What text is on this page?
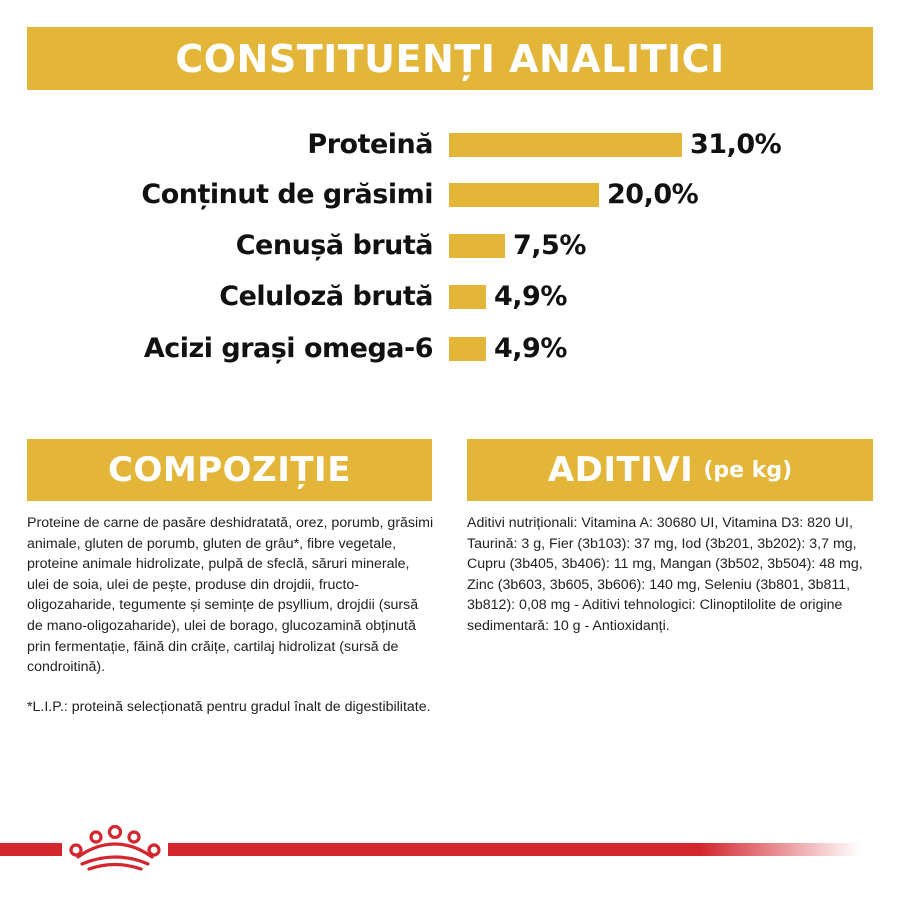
CONSTITUENȚI ANALITICI
Proteină	31,0%
Conținut de grăsimi	20,0%
Cenușă brută	7,5%
Celuloză brută 4,9%
Acizi grași omega-6 4,9%
COMPOZIȚIE	ADITIVI (pe kg)
Proteine de carne de pasăre deshidratată, orez, porumb, grăsimi animale, gluten de porumb, gluten de grâu*, fibre vegetale, proteine animale hidrolizate, pulpă de sfeclă, săruri minerale, ulei de soia, ulei de pește, produse din drojdii, fructo-oligozaharide, tegumente și semințe de psyllium, drojdii (sursă de mano-oligozaharide), ulei de borago, glucozamină obținută prin fermentație, făină din crăițe, cartilaj hidrolizat (sursă de condroitină).
*L.I.P.: proteină selecționată pentru gradul înalt de digestibilitate.
Aditivi nutriționali: Vitamina A: 30680 UI, Vitamina D3: 820 UI, Taurină: 3 g, Fier (3b103): 37 mg, Iod (3b201, 3b202): 3,7 mg, Cupru (3b405, 3b406): 11 mg, Mangan (3b502, 3b504): 48 mg, Zinc (3b603, 3b605, 3b606): 140 mg, Seleniu (3b801, 3b811, 3b812): 0,08 mg - Aditivi tehnologici: Clinoptilolite de origine sedimentară: 10 g - Antioxidanți.
